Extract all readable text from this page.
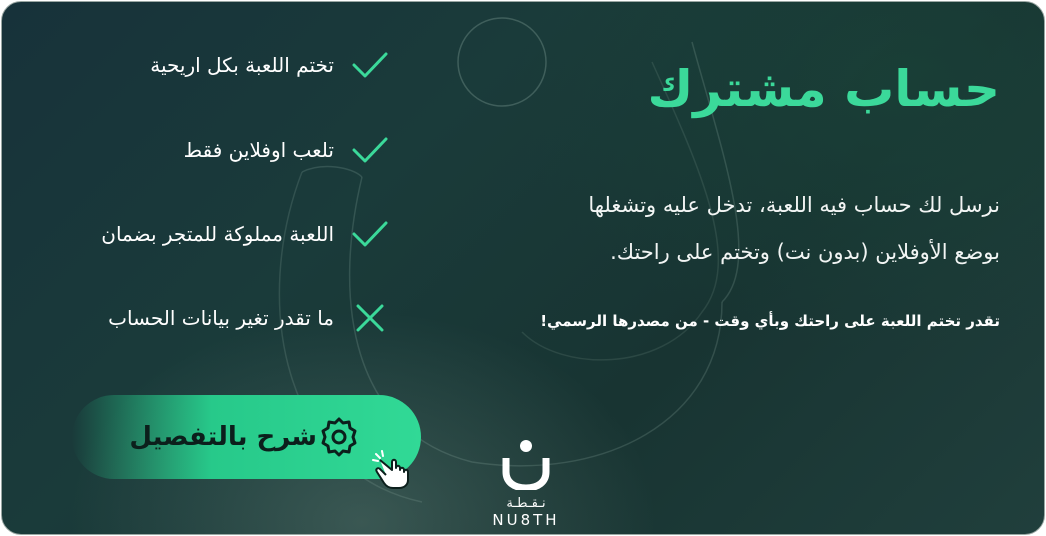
حساب مشترك
نرسل لك حساب فيه اللعبة، تدخل عليه وتشغلها
بوضع الأوفلاين (بدون نت) وتختم على راحتك.
تقدر تختم اللعبة على راحتك وبأي وقت - من مصدرها الرسمي!
تختم اللعبة بكل اريحية
تلعب اوفلاين فقط
اللعبة مملوكة للمتجر بضمان
ما تقدر تغير بيانات الحساب
شرح بالتفصيل
نـقـطـة
NU8TH
